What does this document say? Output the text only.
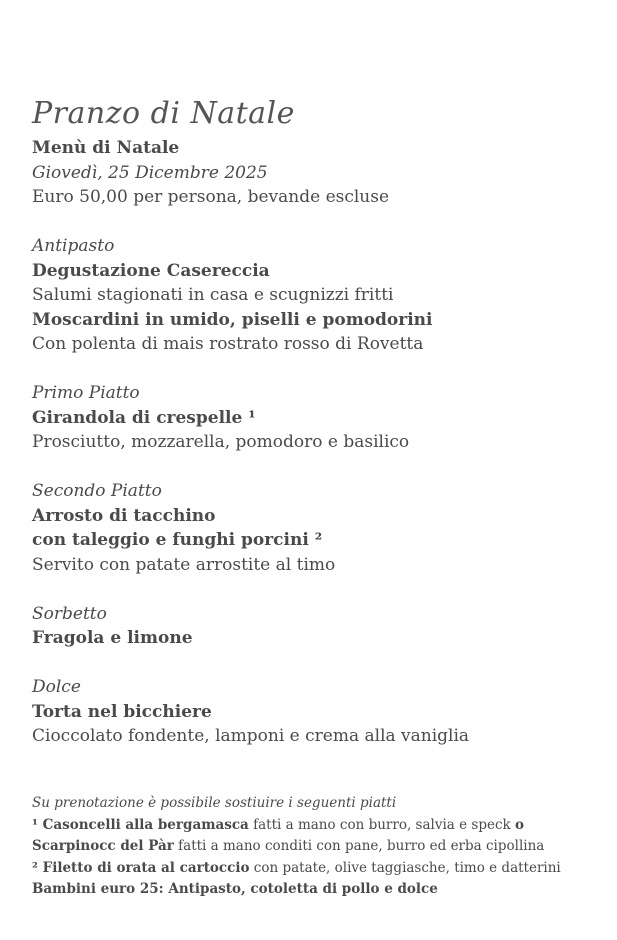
Pranzo di Natale

Menù di Natale

Giovedì, 25 Dicembre 2025

Euro 50,00 per persona, bevande escluse

Antipasto

Degustazione Casereccia

Salumi stagionati in casa e scugnizzi fritti

Moscardini in umido, piselli e pomodorini

Con polenta di mais rostrato rosso di Rovetta

Primo Piatto

Girandola di crespelle ¹

Prosciutto, mozzarella, pomodoro e basilico

Secondo Piatto

Arrosto di tacchino

con taleggio e funghi porcini ²

Servito con patate arrostite al timo

Sorbetto

Fragola e limone

Dolce

Torta nel bicchiere

Cioccolato fondente, lamponi e crema alla vaniglia

Su prenotazione è possibile sostiuire i seguenti piatti

¹ Casoncelli alla bergamasca fatti a mano con burro, salvia e speck o

Scarpinocc del Pàr fatti a mano conditi con pane, burro ed erba cipollina

² Filetto di orata al cartoccio con patate, olive taggiasche, timo e datterini

Bambini euro 25: Antipasto, cotoletta di pollo e dolce
